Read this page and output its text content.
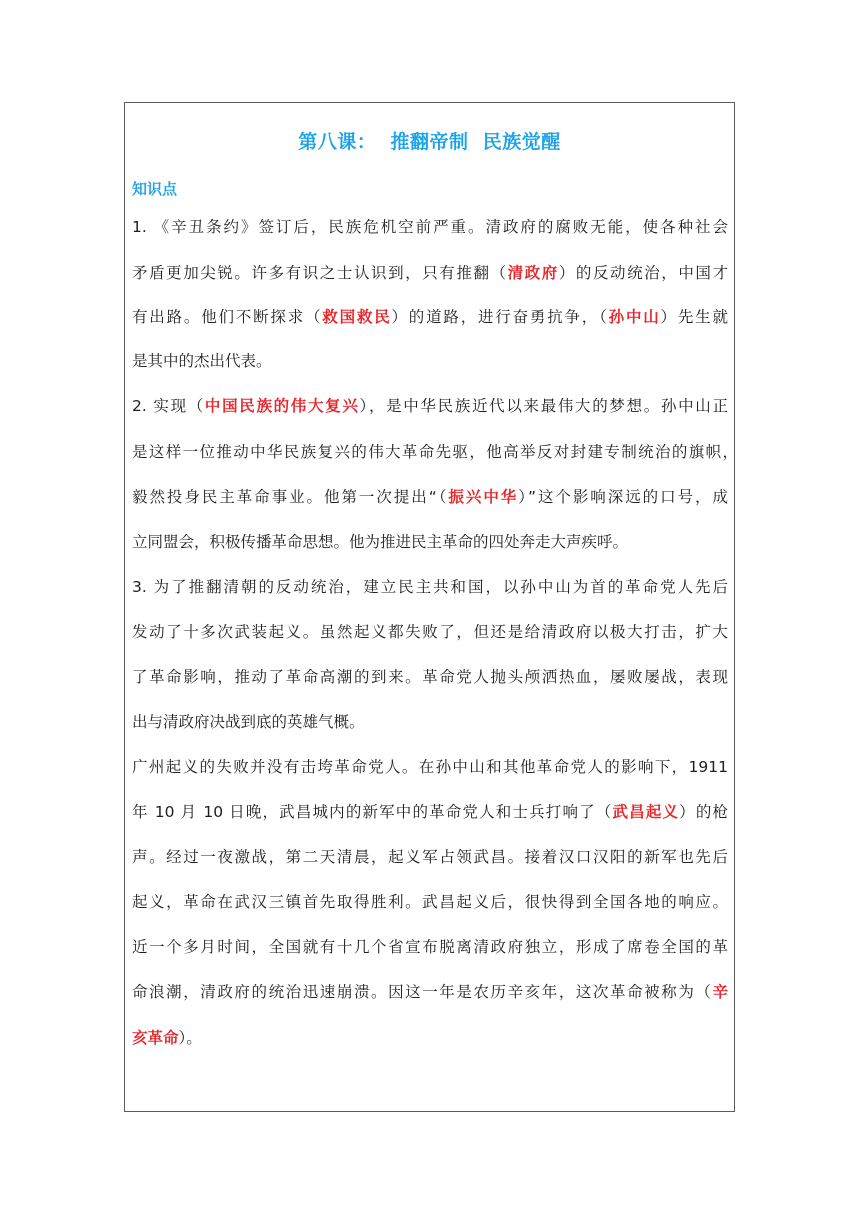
第八课：  推翻帝制  民族觉醒
知识点
1. 《辛丑条约》签订后，民族危机空前严重。清政府的腐败无能，使各种社会
矛盾更加尖锐。许多有识之士认识到，只有推翻（清政府）的反动统治，中国才
有出路。他们不断探求（救国救民）的道路，进行奋勇抗争，（孙中山）先生就
是其中的杰出代表。
2. 实现（中国民族的伟大复兴），是中华民族近代以来最伟大的梦想。孙中山正
是这样一位推动中华民族复兴的伟大革命先驱，他高举反对封建专制统治的旗帜，
毅然投身民主革命事业。他第一次提出“（振兴中华）”这个影响深远的口号，成
立同盟会，积极传播革命思想。他为推进民主革命的四处奔走大声疾呼。
3. 为了推翻清朝的反动统治，建立民主共和国，以孙中山为首的革命党人先后
发动了十多次武装起义。虽然起义都失败了，但还是给清政府以极大打击，扩大
了革命影响，推动了革命高潮的到来。革命党人抛头颅洒热血，屡败屡战，表现
出与清政府决战到底的英雄气概。
广州起义的失败并没有击垮革命党人。在孙中山和其他革命党人的影响下，1911
年 10 月 10 日晚，武昌城内的新军中的革命党人和士兵打响了（武昌起义）的枪
声。经过一夜激战，第二天清晨，起义军占领武昌。接着汉口汉阳的新军也先后
起义，革命在武汉三镇首先取得胜利。武昌起义后，很快得到全国各地的响应。
近一个多月时间，全国就有十几个省宣布脱离清政府独立，形成了席卷全国的革
命浪潮，清政府的统治迅速崩溃。因这一年是农历辛亥年，这次革命被称为（辛
亥革命）。
